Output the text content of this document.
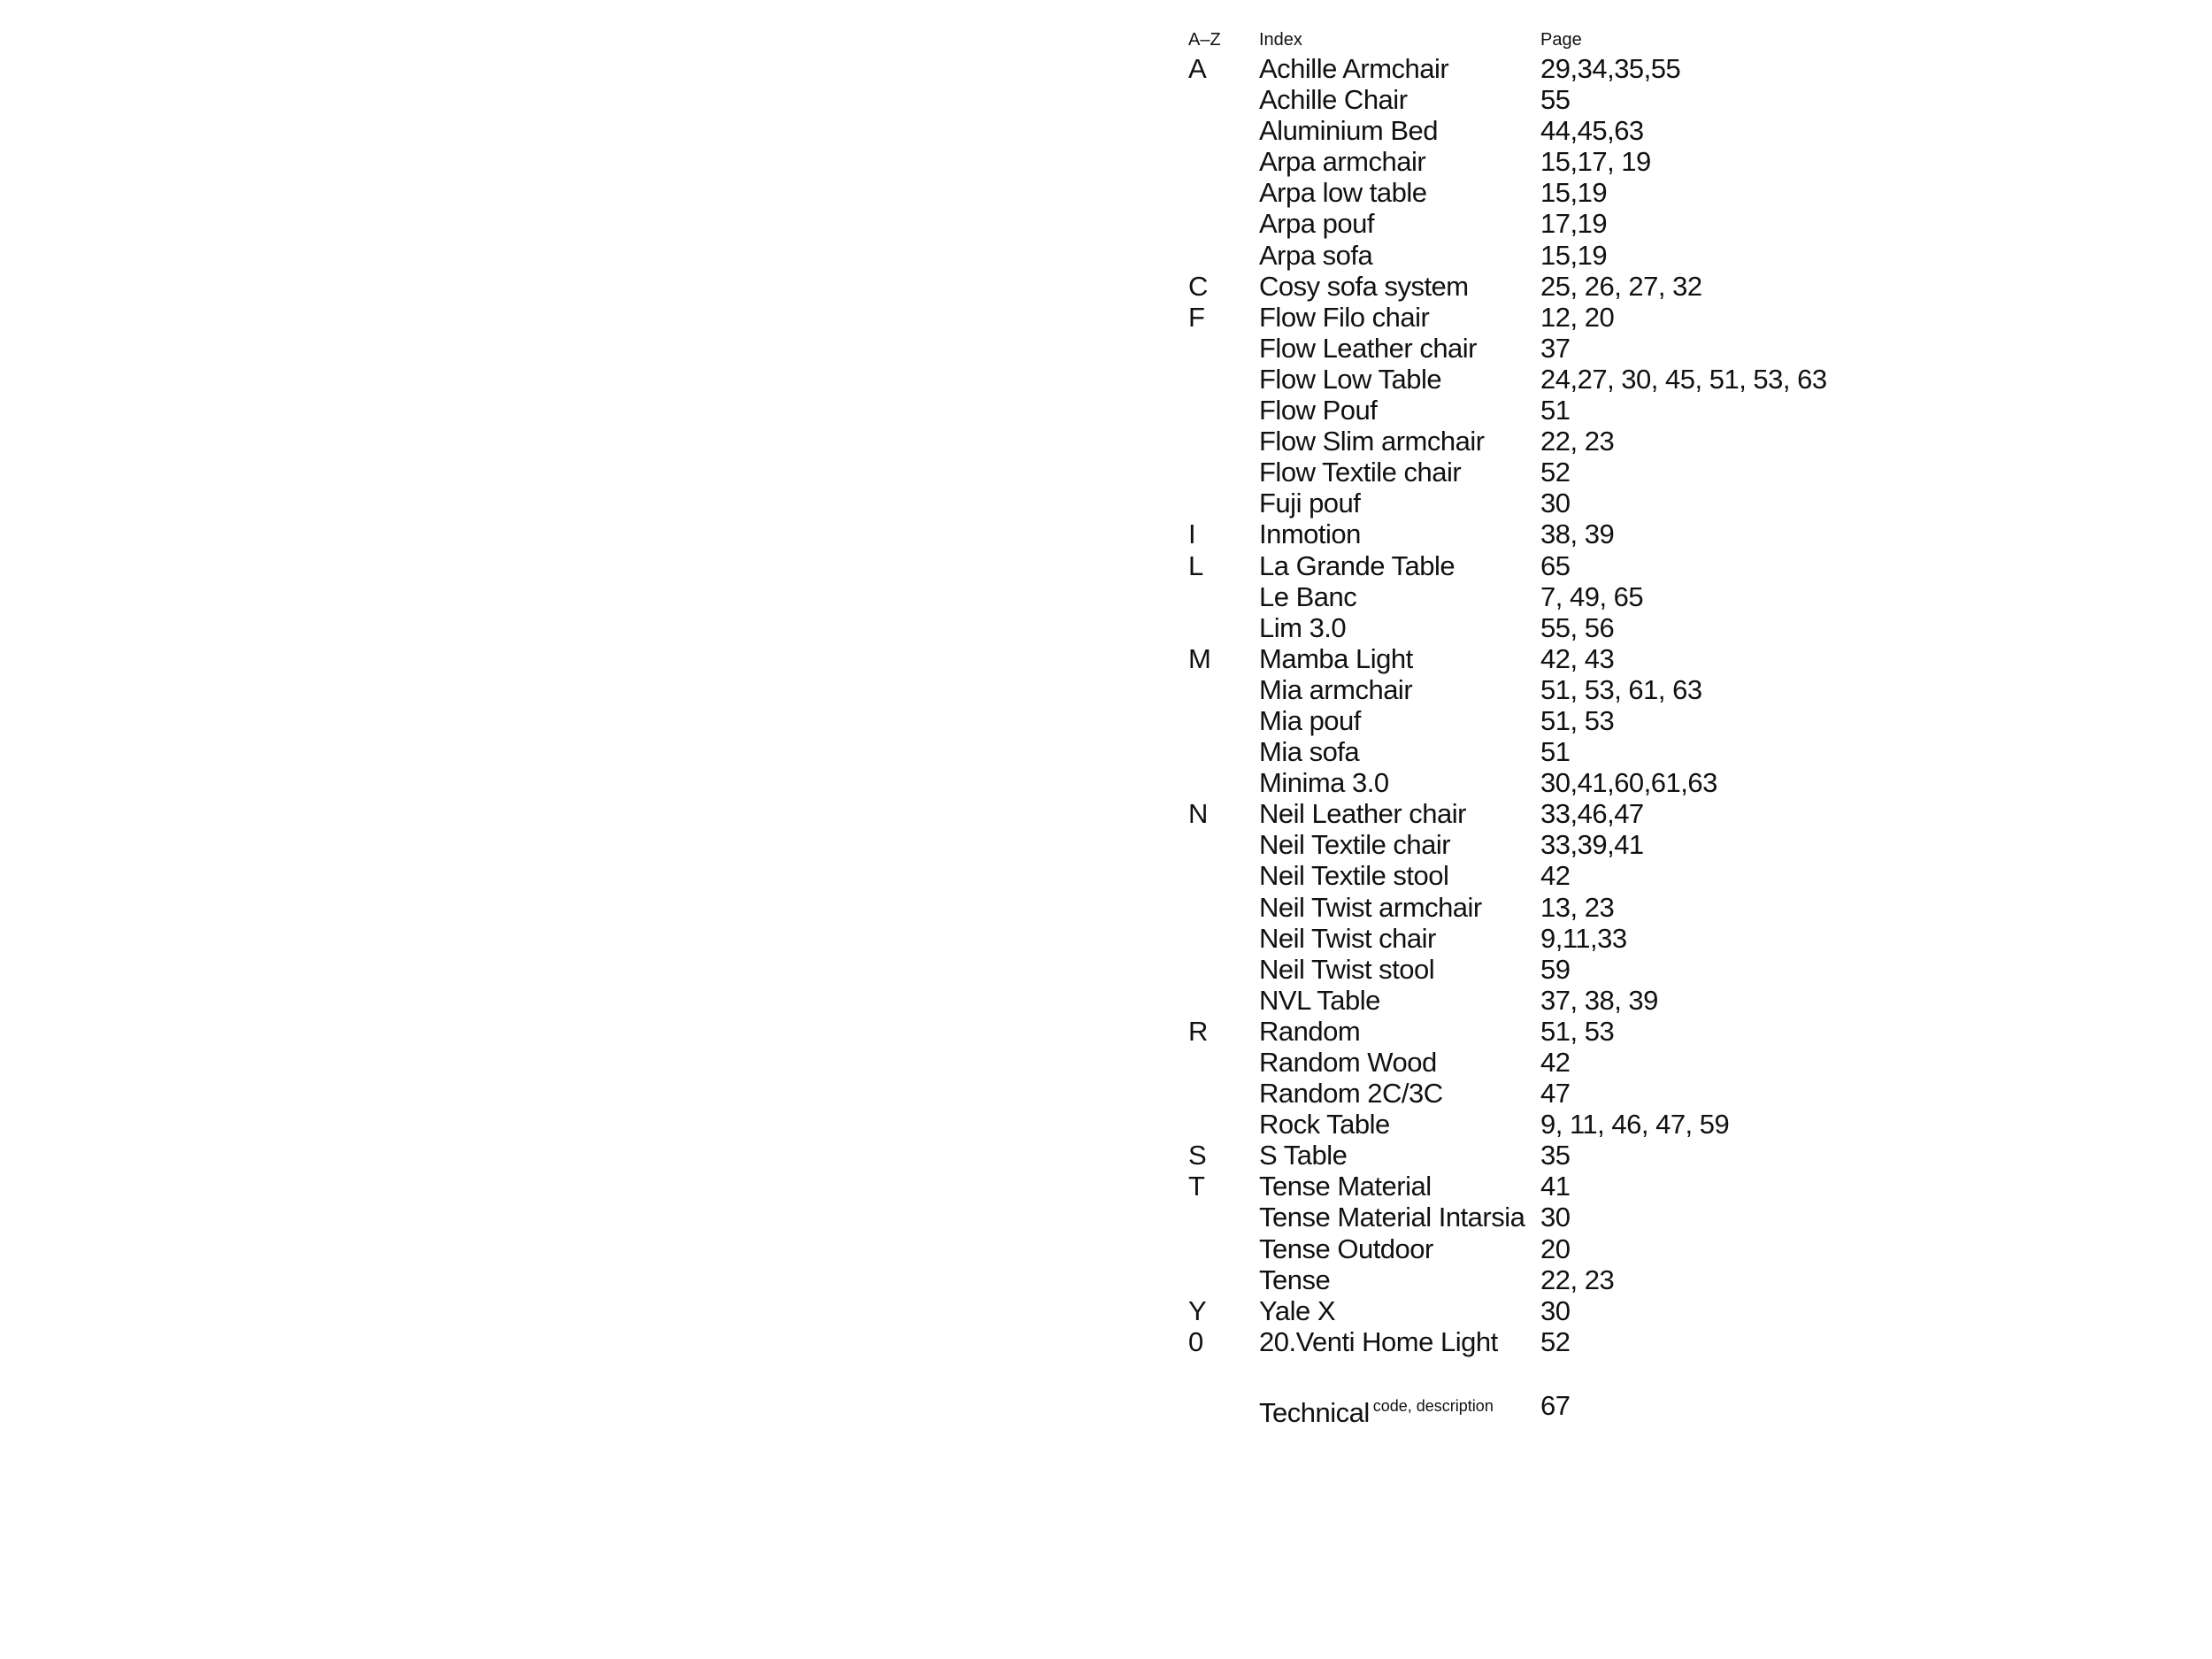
A–Z	Index	Page
A	Achille Armchair	29,34,35,55
Achille Chair	55
Aluminium Bed	44,45,63
Arpa armchair	15,17, 19
Arpa low table	15,19
Arpa pouf	17,19
Arpa sofa	15,19
C	Cosy sofa system	25, 26, 27, 32
F	Flow Filo chair	12, 20
Flow Leather chair	37
Flow Low Table	24,27, 30, 45, 51, 53, 63
Flow Pouf	51
Flow Slim armchair	22, 23
Flow Textile chair	52
Fuji pouf	30
I	Inmotion	38, 39
L	La Grande Table	65
Le Banc	7, 49, 65
Lim 3.0	55, 56
M	Mamba Light	42, 43
Mia armchair	51, 53, 61, 63
Mia pouf	51, 53
Mia sofa	51
Minima 3.0	30,41,60,61,63
N	Neil Leather chair	33,46,47
Neil Textile chair	33,39,41
Neil Textile stool	42
Neil Twist armchair	13, 23
Neil Twist chair	9,11,33
Neil Twist stool	59
NVL Table	37, 38, 39
R	Random	51, 53
Random Wood	42
Random 2C/3C	47
Rock Table	9, 11, 46, 47, 59
S	S Table	35
T	Tense Material	41
Tense Material Intarsia 30
Tense Outdoor	20
Tense	22, 23
Y	Yale X	30
0	20.Venti Home Light	52
Technical $^{code, description}$	67
